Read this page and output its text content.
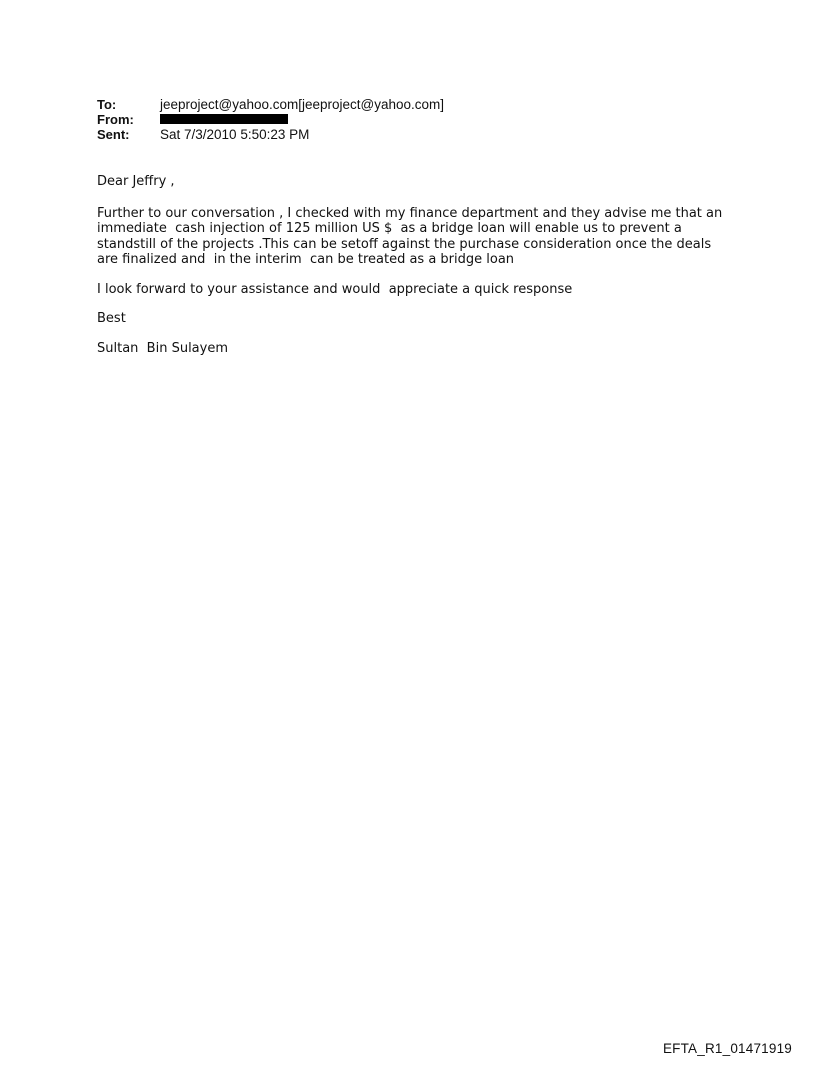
To:	jeeproject@yahoo.com[jeeproject@yahoo.com]
From:
Sent:	Sat 7/3/2010 5:50:23 PM

Dear Jeffry ,

Further to our conversation , I checked with my finance department and they advise me that an
immediate  cash injection of 125 million US $  as a bridge loan will enable us to prevent a
standstill of the projects .This can be setoff against the purchase consideration once the deals
are finalized and  in the interim  can be treated as a bridge loan

I look forward to your assistance and would  appreciate a quick response

Best

Sultan  Bin Sulayem

EFTA_R1_01471919
